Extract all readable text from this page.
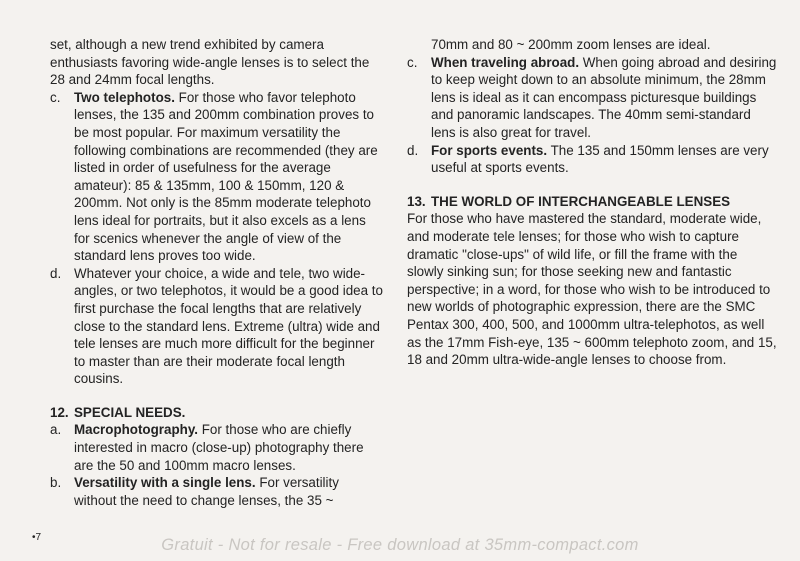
set, although a new trend exhibited by camera enthusiasts favoring wide-angle lenses is to select the 28 and 24mm focal lengths.

c. Two telephotos. For those who favor telephoto lenses, the 135 and 200mm combination proves to be most popular. For maximum versatility the following combinations are recommended (they are listed in order of usefulness for the average amateur): 85 & 135mm, 100 & 150mm, 120 & 200mm. Not only is the 85mm moderate telephoto lens ideal for portraits, but it also excels as a lens for scenics whenever the angle of view of the standard lens proves too wide.
d. Whatever your choice, a wide and tele, two wide-angles, or two telephotos, it would be a good idea to first purchase the focal lengths that are relatively close to the standard lens. Extreme (ultra) wide and tele lenses are much more difficult for the beginner to master than are their moderate focal length cousins.
12. SPECIAL NEEDS.
a. Macrophotography. For those who are chiefly interested in macro (close-up) photography there are the 50 and 100mm macro lenses.
b. Versatility with a single lens. For versatility without the need to change lenses, the 35 ~

70mm and 80 ~ 200mm zoom lenses are ideal.

c. When traveling abroad. When going abroad and desiring to keep weight down to an absolute minimum, the 28mm lens is ideal as it can encompass picturesque buildings and panoramic landscapes. The 40mm semi-standard lens is also great for travel.
d. For sports events. The 135 and 150mm lenses are very useful at sports events.
13. THE WORLD OF INTERCHANGEABLE LENSES

For those who have mastered the standard, moderate wide, and moderate tele lenses; for those who wish to capture dramatic "close-ups" of wild life, or fill the frame with the slowly sinking sun; for those seeking new and fantastic perspective; in a word, for those who wish to be introduced to new worlds of photographic expression, there are the SMC Pentax 300, 400, 500, and 1000mm ultra-telephotos, as well as the 17mm Fish-eye, 135 ~ 600mm telephoto zoom, and 15, 18 and 20mm ultra-wide-angle lenses to choose from.

•7	Gratuit - Not for resale - Free download at 35mm-compact.com
